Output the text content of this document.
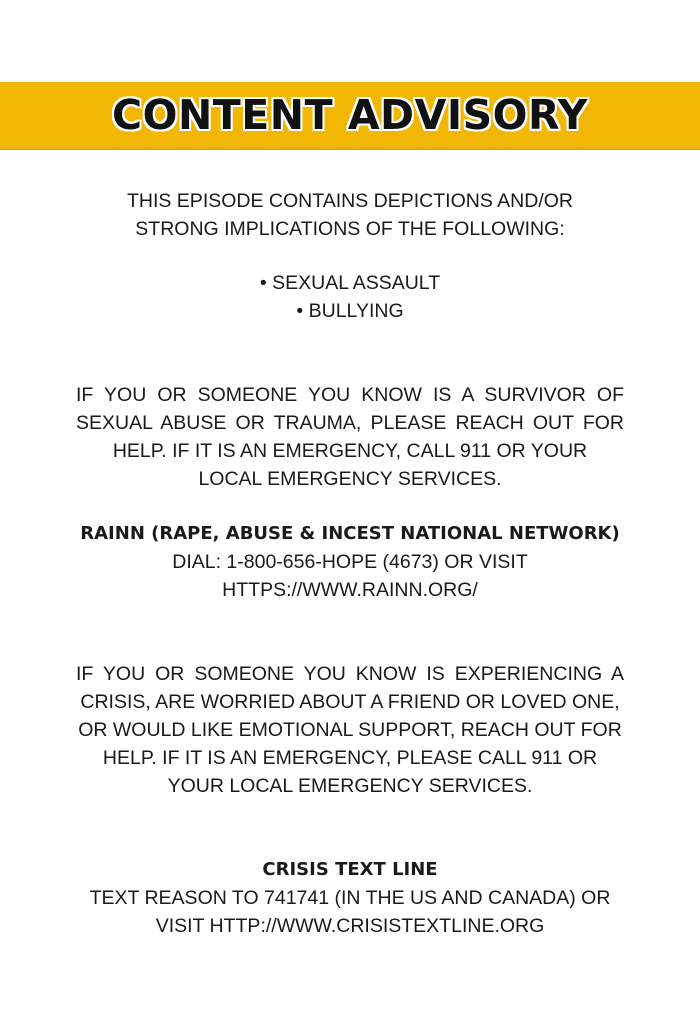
CONTENT ADVISORY
THIS EPISODE CONTAINS DEPICTIONS AND/OR
STRONG IMPLICATIONS OF THE FOLLOWING:
• SEXUAL ASSAULT
• BULLYING
IF YOU OR SOMEONE YOU KNOW IS A SURVIVOR OF
SEXUAL ABUSE OR TRAUMA, PLEASE REACH OUT FOR
HELP. IF IT IS AN EMERGENCY, CALL 911 OR YOUR
LOCAL EMERGENCY SERVICES.
RAINN (RAPE, ABUSE & INCEST NATIONAL NETWORK)
DIAL: 1-800-656-HOPE (4673) OR VISIT
HTTPS://WWW.RAINN.ORG/
IF YOU OR SOMEONE YOU KNOW IS EXPERIENCING A
CRISIS, ARE WORRIED ABOUT A FRIEND OR LOVED ONE,
OR WOULD LIKE EMOTIONAL SUPPORT, REACH OUT FOR
HELP. IF IT IS AN EMERGENCY, PLEASE CALL 911 OR
YOUR LOCAL EMERGENCY SERVICES.
CRISIS TEXT LINE
TEXT REASON TO 741741 (IN THE US AND CANADA) OR
VISIT HTTP://WWW.CRISISTEXTLINE.ORG
